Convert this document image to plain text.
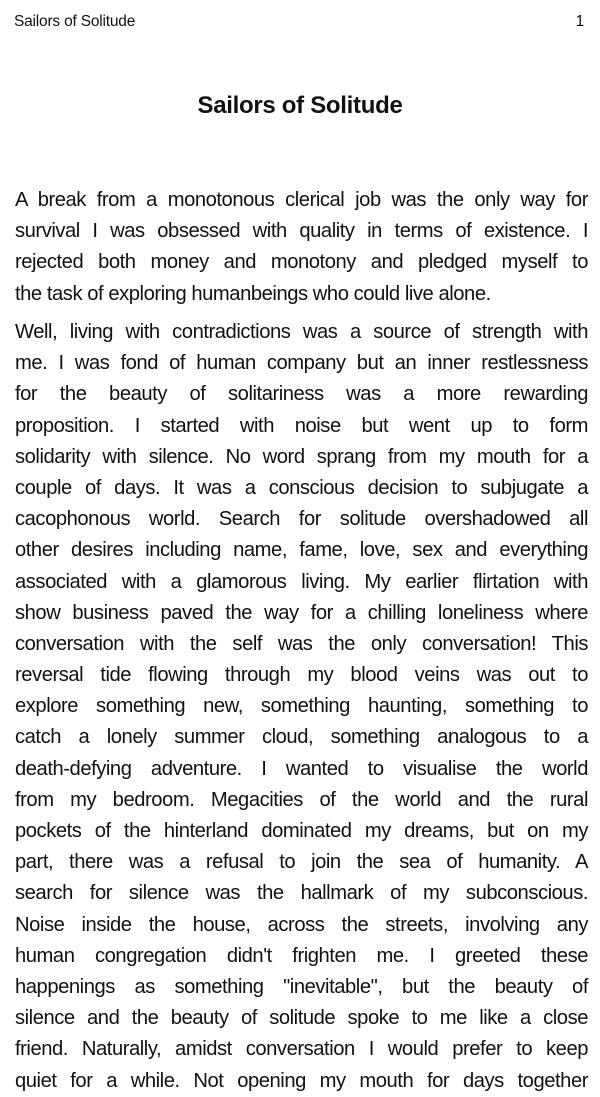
Sailors of Solitude	1
Sailors of Solitude

A break from a monotonous clerical job was the only way for
survival I was obsessed with quality in terms of existence. I
rejected both money and monotony and pledged myself to
the task of exploring humanbeings who could live alone.

Well, living with contradictions was a source of strength with
me. I was fond of human company but an inner restlessness
for the beauty of solitariness was a more rewarding
proposition. I started with noise but went up to form
solidarity with silence. No word sprang from my mouth for a
couple of days. It was a conscious decision to subjugate a
cacophonous world. Search for solitude overshadowed all
other desires including name, fame, love, sex and everything
associated with a glamorous living. My earlier flirtation with
show business paved the way for a chilling loneliness where
conversation with the self was the only conversation! This
reversal tide flowing through my blood veins was out to
explore something new, something haunting, something to
catch a lonely summer cloud, something analogous to a
death-defying adventure. I wanted to visualise the world
from my bedroom. Megacities of the world and the rural
pockets of the hinterland dominated my dreams, but on my
part, there was a refusal to join the sea of humanity. A
search for silence was the hallmark of my subconscious.
Noise inside the house, across the streets, involving any
human congregation didn't frighten me. I greeted these
happenings as something "inevitable", but the beauty of
silence and the beauty of solitude spoke to me like a close
friend. Naturally, amidst conversation I would prefer to keep
quiet for a while. Not opening my mouth for days together
